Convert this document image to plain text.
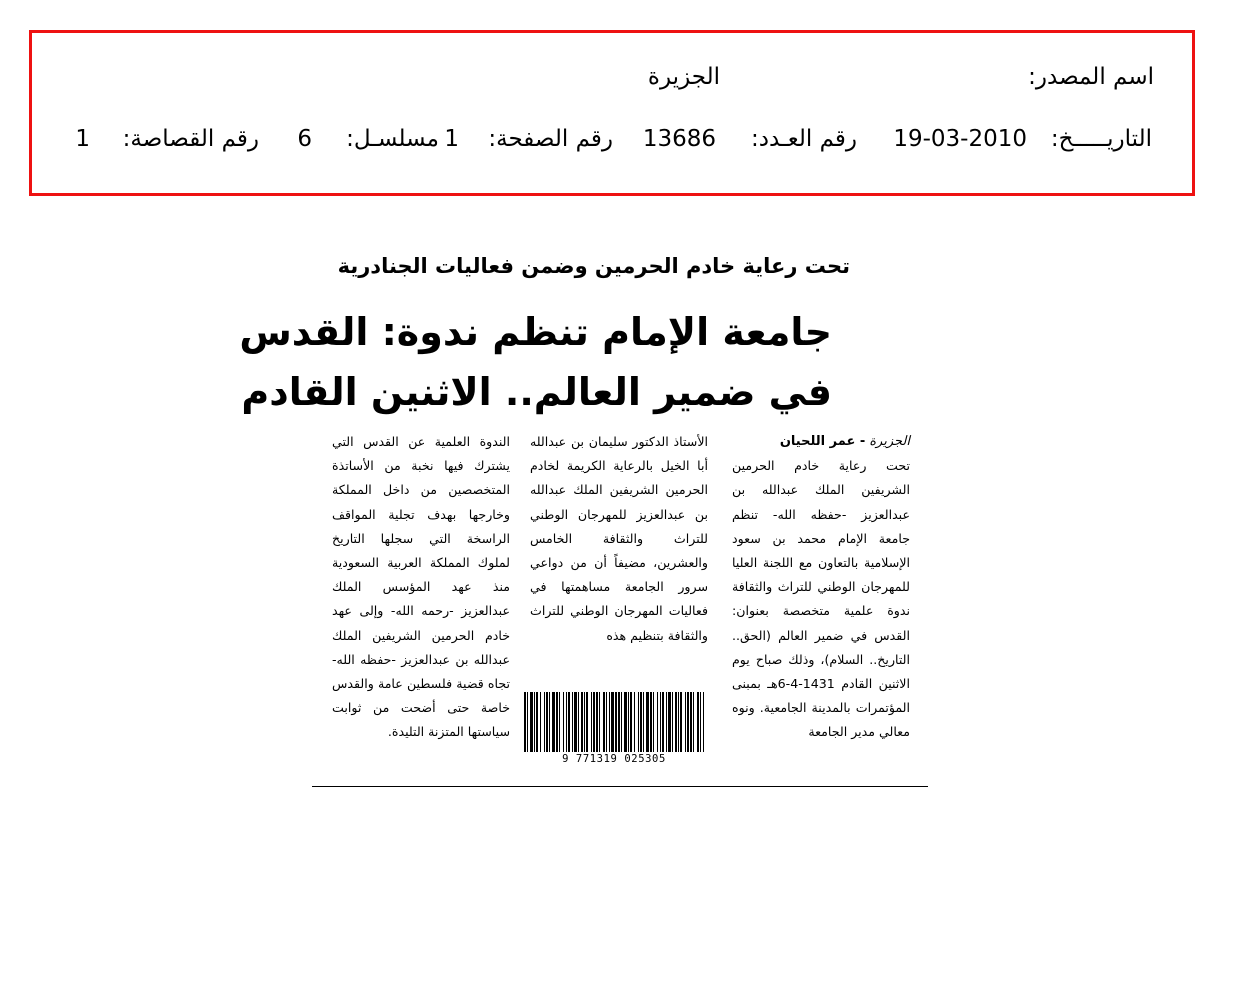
اسم المصدر:
الجزيرة
التاريـــــخ:
19-03-2010
رقم العـدد:
13686
رقم الصفحة:
1
مسلسـل:
6
رقم القصاصة:
1
تحت رعاية خادم الحرمين وضمن فعاليات الجنادرية
جامعة الإمام تنظم ندوة: القدس
في ضمير العالم.. الاثنين القادم
الجزيرة- عمر اللحيان

تحت رعاية خادم الحرمين الشريفين الملك عبدالله بن عبدالعزيز -حفظه الله- تنظم جامعة الإمام محمد بن سعود الإسلامية بالتعاون مع اللجنة العليا للمهرجان الوطني للتراث والثقافة ندوة علمية متخصصة بعنوان: القدس في ضمير العالم (الحق.. التاريخ.. السلام)، وذلك صباح يوم الاثنين القادم 1431-4-6هـ بمبنى المؤتمرات بالمدينة الجامعية. ونوه معالي مدير الجامعة

الأستاذ الدكتور سليمان بن عبدالله أبا الخيل بالرعاية الكريمة لخادم الحرمين الشريفين الملك عبدالله بن عبدالعزيز للمهرجان الوطني للتراث والثقافة الخامس والعشرين، مضيفاً أن من دواعي سرور الجامعة مساهمتها في فعاليات المهرجان الوطني للتراث والثقافة بتنظيم هذه

9 771319 025305

الندوة العلمية عن القدس التي يشترك فيها نخبة من الأساتذة المتخصصين من داخل المملكة وخارجها بهدف تجلية المواقف الراسخة التي سجلها التاريخ لملوك المملكة العربية السعودية منذ عهد المؤسس الملك عبدالعزيز -رحمه الله- وإلى عهد خادم الحرمين الشريفين الملك عبدالله بن عبدالعزيز -حفظه الله- تجاه قضية فلسطين عامة والقدس خاصة حتى أضحت من ثوابت سياستها المتزنة التليدة.
